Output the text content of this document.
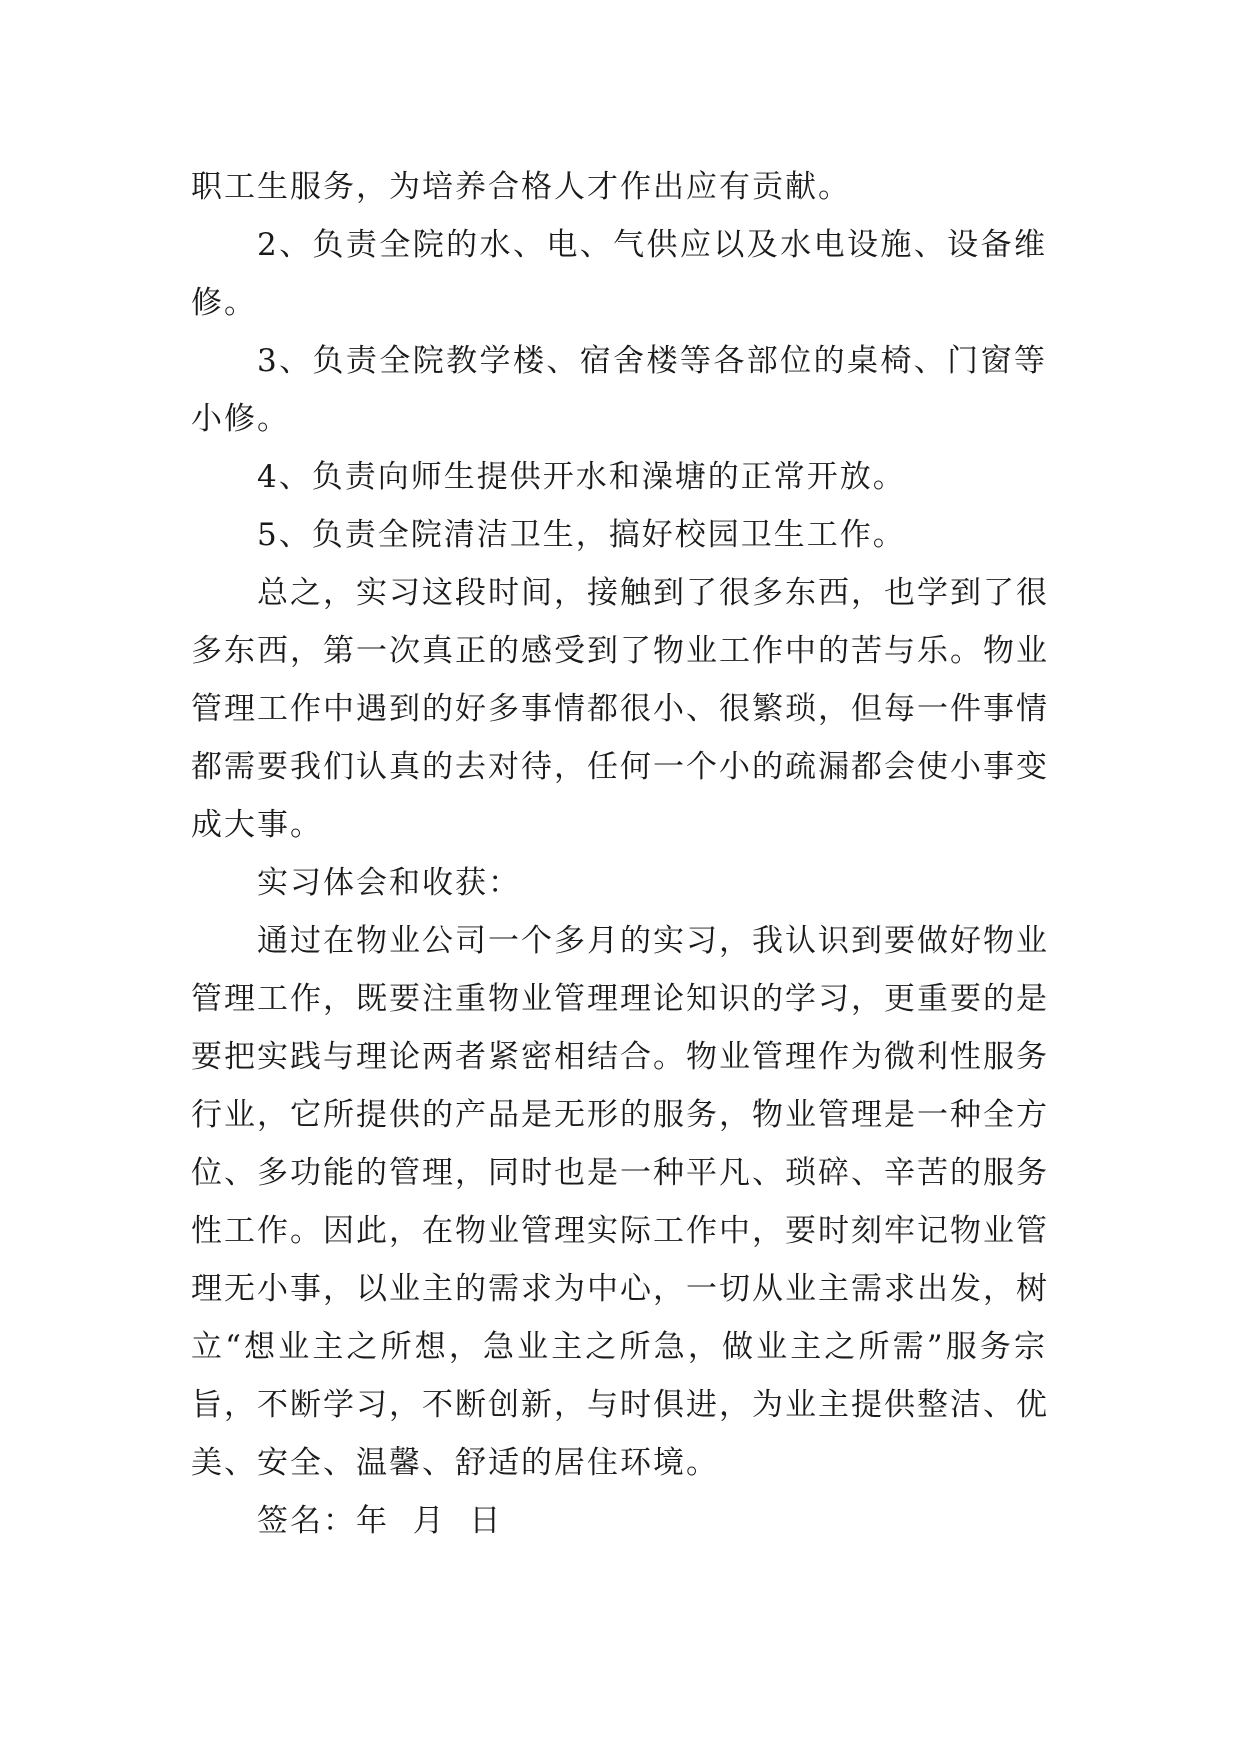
职工生服务，为培养合格人才作出应有贡献。

2、负责全院的水、电、气供应以及水电设施、设备维
修。

3、负责全院教学楼、宿舍楼等各部位的桌椅、门窗等
小修。

4、负责向师生提供开水和澡塘的正常开放。

5、负责全院清洁卫生，搞好校园卫生工作。

总之，实习这段时间，接触到了很多东西，也学到了很
多东西，第一次真正的感受到了物业工作中的苦与乐。物业
管理工作中遇到的好多事情都很小、很繁琐，但每一件事情
都需要我们认真的去对待，任何一个小的疏漏都会使小事变
成大事。

实习体会和收获：

通过在物业公司一个多月的实习，我认识到要做好物业
管理工作，既要注重物业管理理论知识的学习，更重要的是
要把实践与理论两者紧密相结合。物业管理作为微利性服务
行业，它所提供的产品是无形的服务，物业管理是一种全方
位、多功能的管理，同时也是一种平凡、琐碎、辛苦的服务
性工作。因此，在物业管理实际工作中，要时刻牢记物业管
理无小事，以业主的需求为中心，一切从业主需求出发，树
立“想业主之所想，急业主之所急，做业主之所需”服务宗
旨，不断学习，不断创新，与时俱进，为业主提供整洁、优
美、安全、温馨、舒适的居住环境。

签名：年  月  日
